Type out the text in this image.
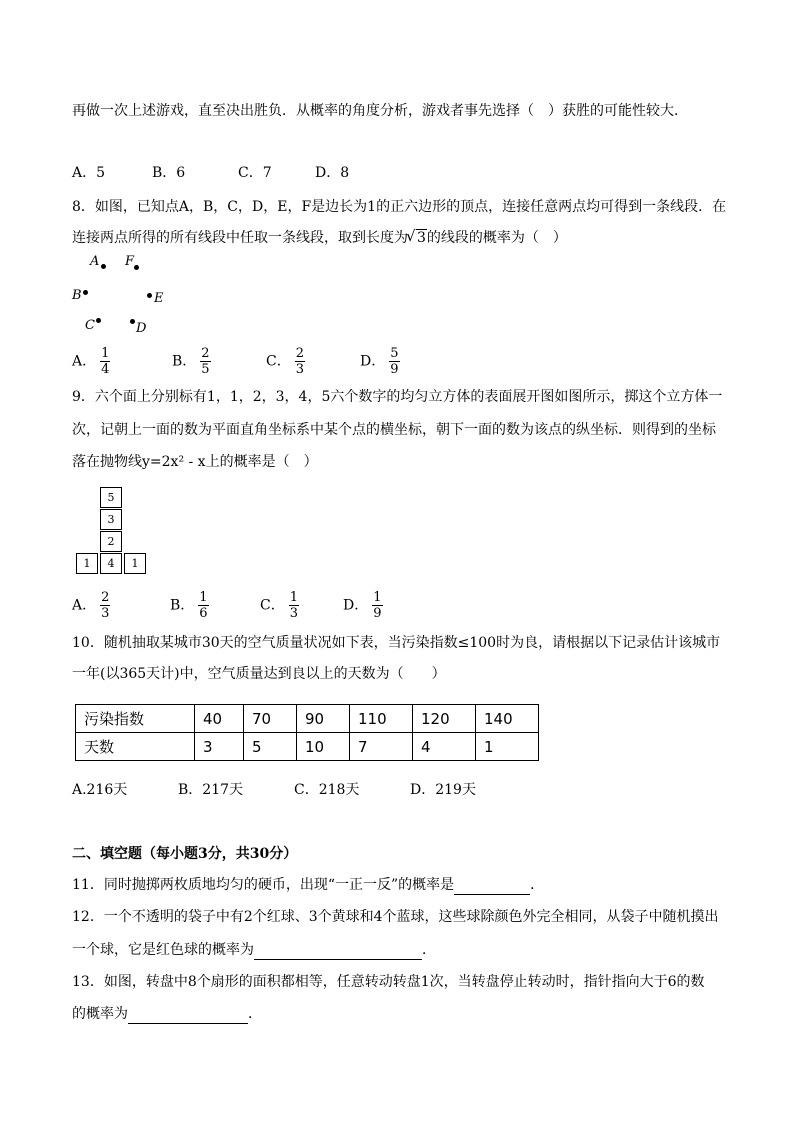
再做一次上述游戏，直至决出胜负．从概率的角度分析，游戏者事先选择（　）获胜的可能性较大．
A．5	B．6	C．7	D．8
8．如图，已知点A，B，C，D，E，F是边长为1的正六边形的顶点，连接任意两点均可得到一条线段．在
连接两点所得的所有线段中任取一条线段，取到长度为 √ 3的线段的概率为（　）
A F
B	E
C	D
A． $\frac{1}{4}$	B． $\frac{2}{5}$	C． $\frac{2}{3}$	D． $\frac{5}{9}$
9．六个面上分别标有1，1，2，3，4，5六个数字的均匀立方体的表面展开图如图所示，掷这个立方体一
次，记朝上一面的数为平面直角坐标系中某个点的横坐标，朝下一面的数为该点的纵坐标．则得到的坐标
落在抛物线y=2x² - x上的概率是（　）
5
3
2
1	4	1
A． $\frac{2}{3}$	B． $\frac{1}{6}$	C． $\frac{1}{3}$	D． $\frac{1}{9}$
10．随机抽取某城市30天的空气质量状况如下表，当污染指数≤100时为良，请根据以下记录估计该城市
一年(以365天计)中，空气质量达到良以上的天数为（　　）
污染指数	40	70	90	110	120	140
天数	3	5	10	7	4	1
A.216天	B．217天	C．218天	D．219天
二、填空题（每小题3分，共30分）
11．同时抛掷两枚质地均匀的硬币，出现“一正一反”的概率是	．
12．一个不透明的袋子中有2个红球、3个黄球和4个蓝球，这些球除颜色外完全相同，从袋子中随机摸出
一个球，它是红色球的概率为	．
13．如图，转盘中8个扇形的面积都相等，任意转动转盘1次，当转盘停止转动时，指针指向大于6的数
的概率为	．
